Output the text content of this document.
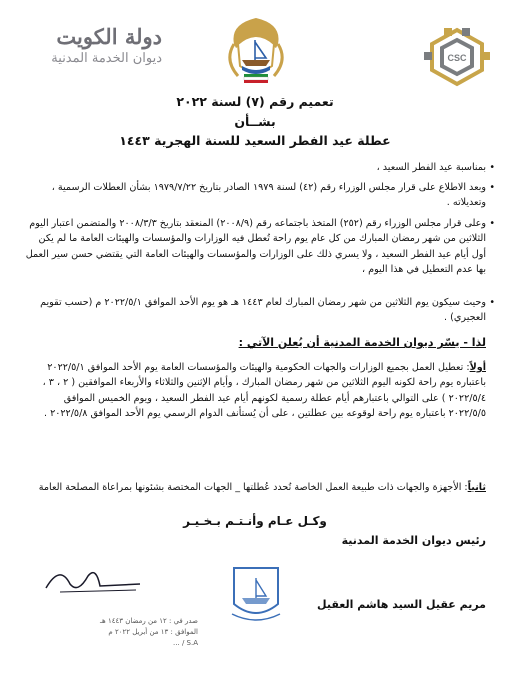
دولة الكويت
ديوان الخدمة المدنية	CSC
تعميم رقم (٧) لسنة ٢٠٢٢
بشــأن
عطلة عيد الفطر السعيد للسنة الهجرية ١٤٤٣
• بمناسبة عيد الفطر السعيد ،
• وبعد الاطلاع على قرار مجلس الوزراء رقم (٤٢) لسنة ١٩٧٩ الصادر بتاريخ ١٩٧٩/٧/٢٢ بشأن العطلات الرسمية ، وتعديلاته .
• وعلى قرار مجلس الوزراء رقم (٢٥٢) المتخذ باجتماعه رقم (٢٠٠٨/٩) المنعقد بتاريخ ٢٠٠٨/٣/٣ والمتضمن اعتبار اليوم الثلاثين من شهر رمضان المبارك من كل عام يوم راحة تُعطل فيه الوزارات والمؤسسات والهيئات العامة ما لم يكن أول أيام عيد الفطر السعيد ، ولا يسري ذلك على الوزارات والمؤسسات والهيئات العامة التي يقتضي حسن سير العمل بها عدم التعطيل في هذا اليوم ،
• وحيث سيكون يوم الثلاثين من شهر رمضان المبارك لعام ١٤٤٣ هـ هو يوم الأحد الموافق ٢٠٢٢/٥/١ م (حسب تقويم العجيري) .
لذا - يسّر ديوان الخدمة المدنية أن يُعلن الآتي :
أولاً: تعطيل العمل بجميع الوزارات والجهات الحكومية والهيئات والمؤسسات العامة يوم الأحد الموافق ٢٠٢٢/٥/١ باعتباره يوم راحة لكونه اليوم الثلاثين من شهر رمضان المبارك ، وأيام الإثنين والثلاثاء والأربعاء الموافقين ( ٢ ، ٣ ، ٢٠٢٢/٥/٤ ) على التوالي باعتبارهم أيام عطلة رسمية لكونهم أيام عيد الفطر السعيد ، ويوم الخميس الموافق ٢٠٢٢/٥/٥ باعتباره يوم راحة لوقوعه بين عطلتين ، على أن يُستأنف الدوام الرسمي يوم الأحد الموافق ٢٠٢٢/٥/٨ .
ثانياً: الأجهزة والجهات ذات طبيعة العمل الخاصة تُحدد عُطلتها _ الجهات المختصة بشئونها بمراعاة المصلحة العامة
وكـل عـام وأنـتـم بـخـيـر
رئيس ديوان الخدمة المدنية
مريم عقيل السيد هاشم العقيل
صدر في : ١٢ من رمضان ١٤٤٣ هـ
الموافق : ١٣ من أبريل ٢٠٢٢ م
S.A / ...
